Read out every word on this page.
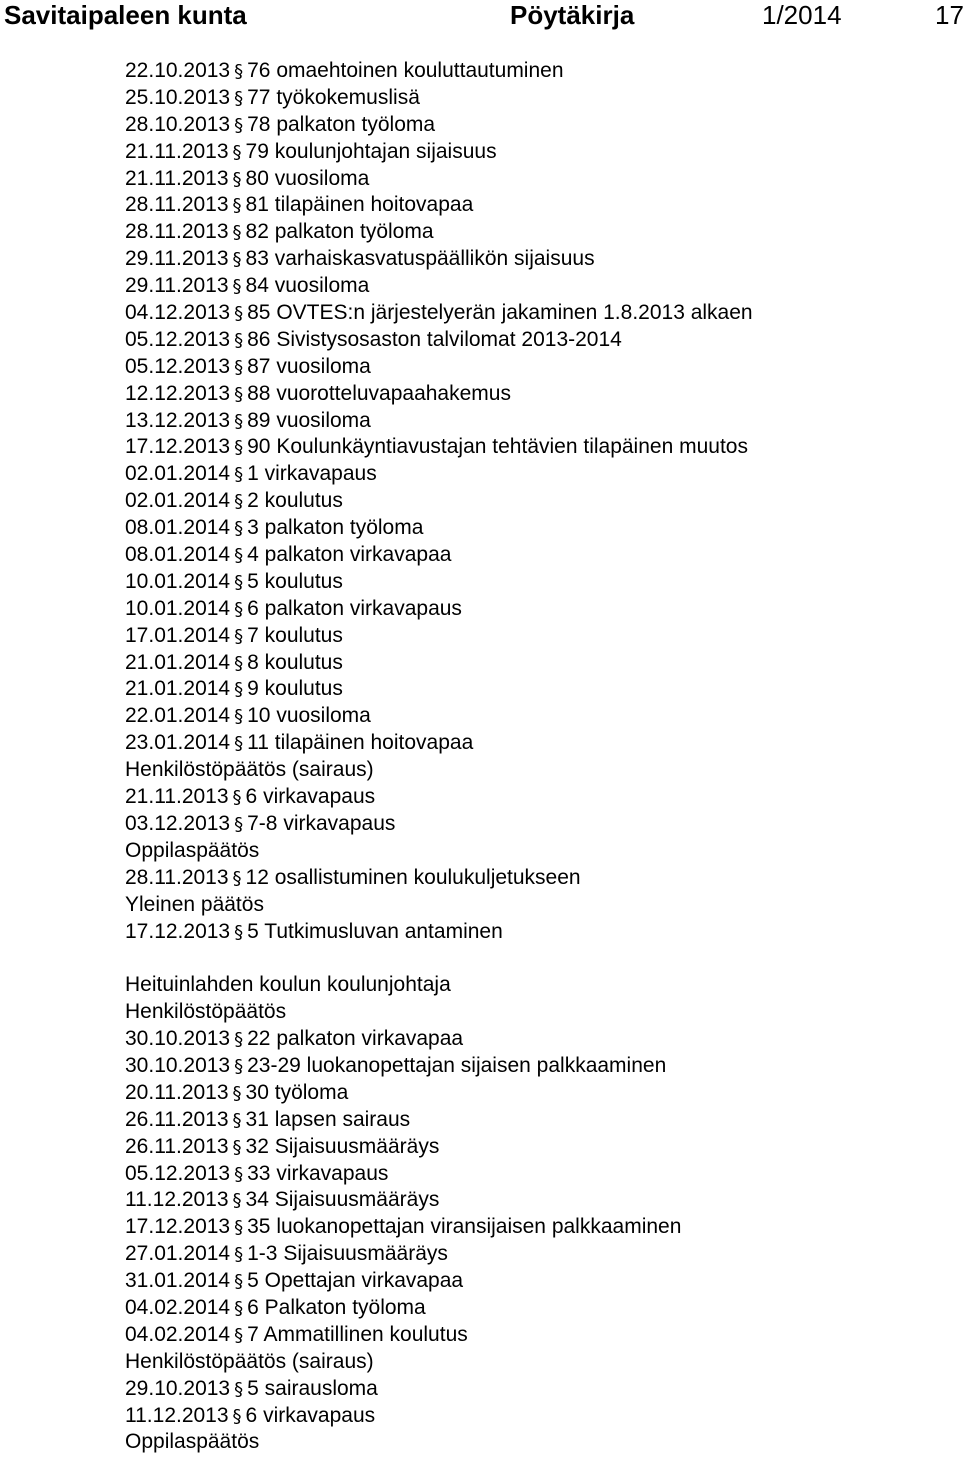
Savitaipaleen kunta	Pöytäkirja	1/2014	17
22.10.2013 § 76 omaehtoinen kouluttautuminen
25.10.2013 § 77 työkokemuslisä
28.10.2013 § 78 palkaton työloma
21.11.2013 § 79 koulunjohtajan sijaisuus
21.11.2013 § 80 vuosiloma
28.11.2013 § 81 tilapäinen hoitovapaa
28.11.2013 § 82 palkaton työloma
29.11.2013 § 83 varhaiskasvatuspäällikön sijaisuus
29.11.2013 § 84 vuosiloma
04.12.2013 § 85 OVTES:n järjestelyerän jakaminen 1.8.2013 alkaen
05.12.2013 § 86 Sivistysosaston talvilomat 2013-2014
05.12.2013 § 87 vuosiloma
12.12.2013 § 88 vuorotteluvapaahakemus
13.12.2013 § 89 vuosiloma
17.12.2013 § 90 Koulunkäyntiavustajan tehtävien tilapäinen muutos
02.01.2014 § 1 virkavapaus
02.01.2014 § 2 koulutus
08.01.2014 § 3 palkaton työloma
08.01.2014 § 4 palkaton virkavapaa
10.01.2014 § 5 koulutus
10.01.2014 § 6 palkaton virkavapaus
17.01.2014 § 7 koulutus
21.01.2014 § 8 koulutus
21.01.2014 § 9 koulutus
22.01.2014 § 10 vuosiloma
23.01.2014 § 11 tilapäinen hoitovapaa
Henkilöstöpäätös (sairaus)
21.11.2013 § 6 virkavapaus
03.12.2013 § 7-8 virkavapaus
Oppilaspäätös
28.11.2013 § 12 osallistuminen koulukuljetukseen
Yleinen päätös
17.12.2013 § 5 Tutkimusluvan antaminen
Heituinlahden koulun koulunjohtaja
Henkilöstöpäätös
30.10.2013 § 22 palkaton virkavapaa
30.10.2013 § 23-29 luokanopettajan sijaisen palkkaaminen
20.11.2013 § 30 työloma
26.11.2013 § 31 lapsen sairaus
26.11.2013 § 32 Sijaisuusmääräys
05.12.2013 § 33 virkavapaus
11.12.2013 § 34 Sijaisuusmääräys
17.12.2013 § 35 luokanopettajan viransijaisen palkkaaminen
27.01.2014 § 1-3 Sijaisuusmääräys
31.01.2014 § 5 Opettajan virkavapaa
04.02.2014 § 6 Palkaton työloma
04.02.2014 § 7 Ammatillinen koulutus
Henkilöstöpäätös (sairaus)
29.10.2013 § 5 sairausloma
11.12.2013 § 6 virkavapaus
Oppilaspäätös
